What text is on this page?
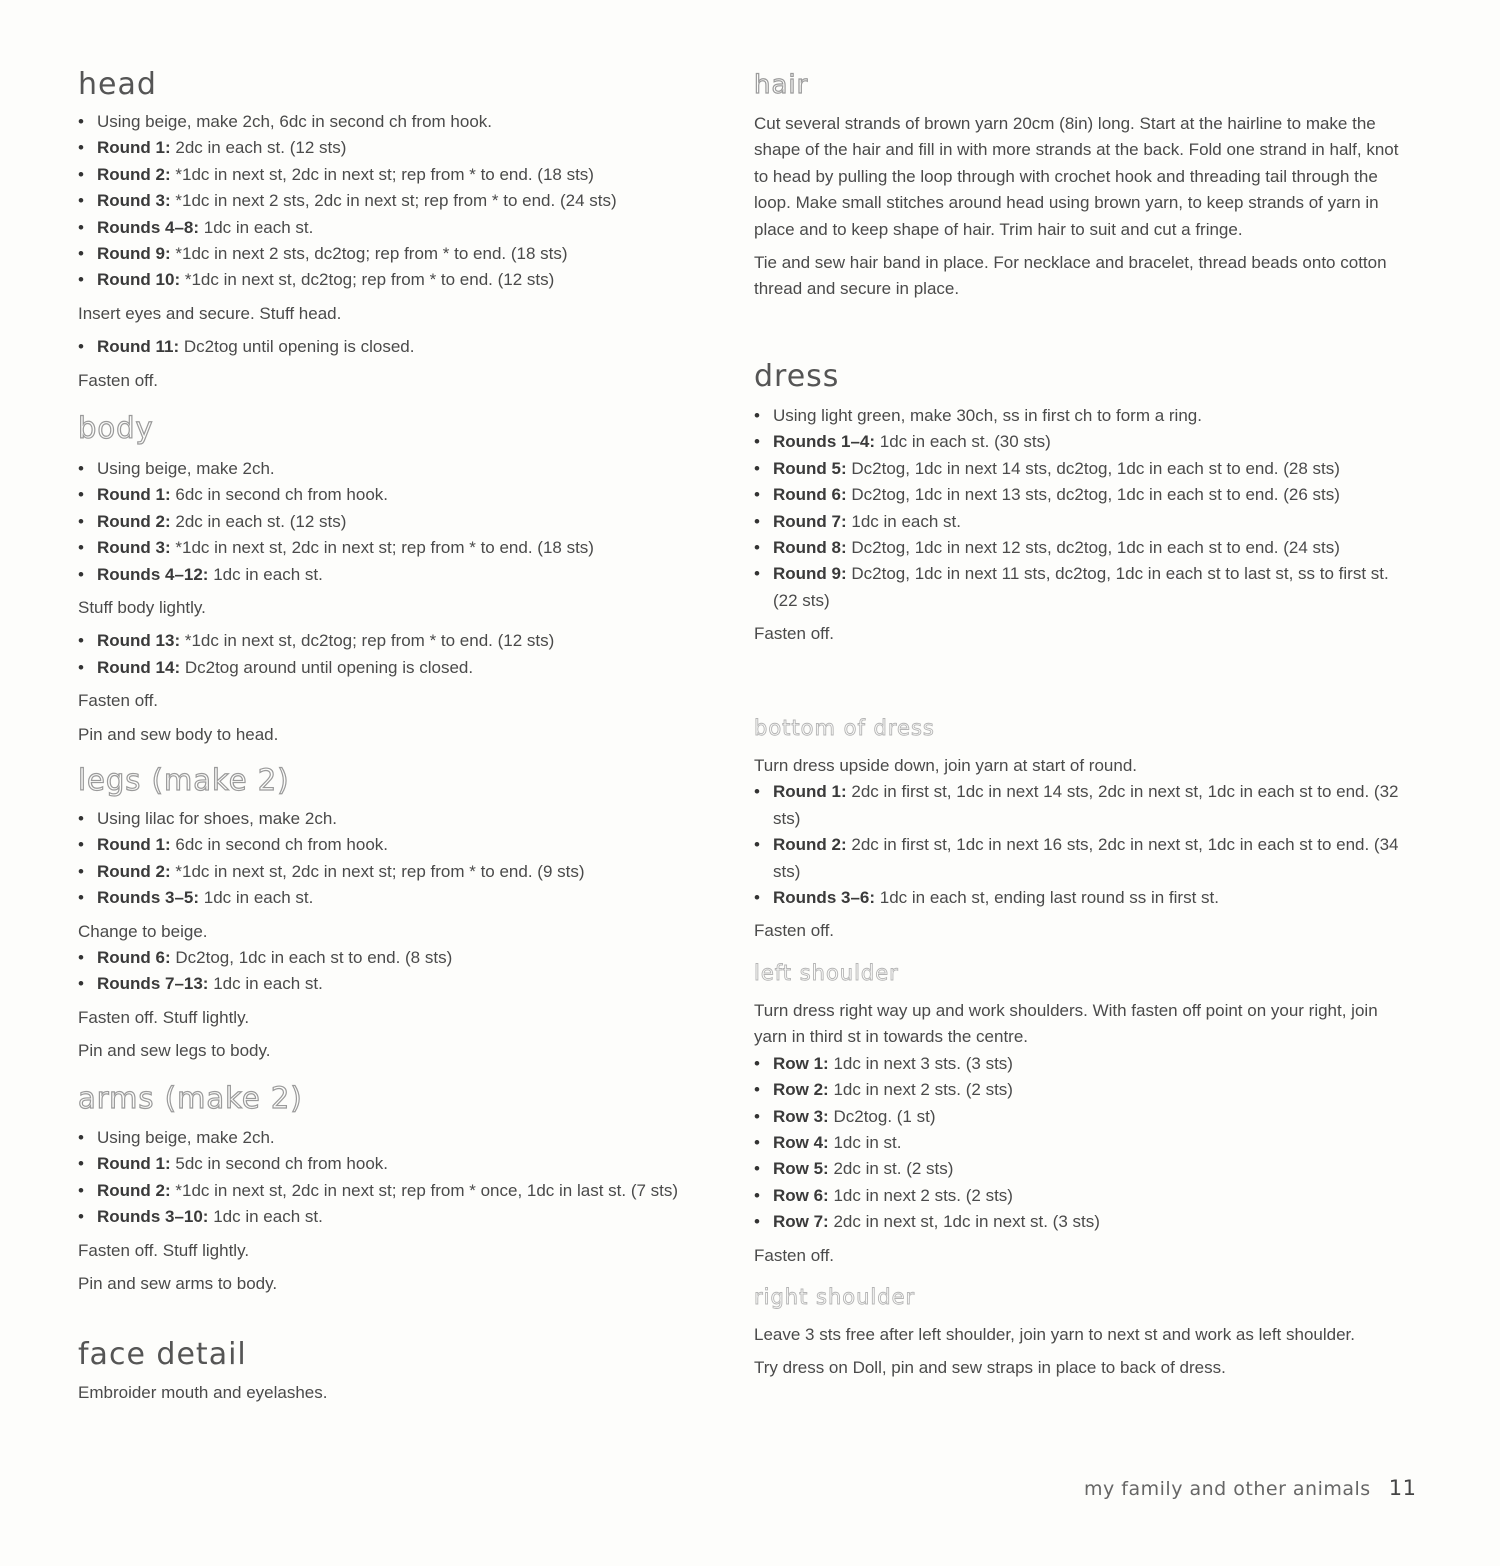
head
• Using beige, make 2ch, 6dc in second ch from hook.
• Round 1: 2dc in each st. (12 sts)
• Round 2: *1dc in next st, 2dc in next st; rep from * to end. (18 sts)
• Round 3: *1dc in next 2 sts, 2dc in next st; rep from * to end. (24 sts)
• Rounds 4–8: 1dc in each st.
• Round 9: *1dc in next 2 sts, dc2tog; rep from * to end. (18 sts)
• Round 10: *1dc in next st, dc2tog; rep from * to end. (12 sts)

Insert eyes and secure. Stuff head.

• Round 11: Dc2tog until opening is closed.

Fasten off.

body
• Using beige, make 2ch.
• Round 1: 6dc in second ch from hook.
• Round 2: 2dc in each st. (12 sts)
• Round 3: *1dc in next st, 2dc in next st; rep from * to end. (18 sts)
• Rounds 4–12: 1dc in each st.

Stuff body lightly.

• Round 13: *1dc in next st, dc2tog; rep from * to end. (12 sts)
• Round 14: Dc2tog around until opening is closed.

Fasten off.

Pin and sew body to head.

legs (make 2)
• Using lilac for shoes, make 2ch.
• Round 1: 6dc in second ch from hook.
• Round 2: *1dc in next st, 2dc in next st; rep from * to end. (9 sts)
• Rounds 3–5: 1dc in each st.

Change to beige.

• Round 6: Dc2tog, 1dc in each st to end. (8 sts)
• Rounds 7–13: 1dc in each st.

Fasten off. Stuff lightly.

Pin and sew legs to body.

arms (make 2)
• Using beige, make 2ch.
• Round 1: 5dc in second ch from hook.
• Round 2: *1dc in next st, 2dc in next st; rep from * once, 1dc in last st. (7 sts)
• Rounds 3–10: 1dc in each st.

Fasten off. Stuff lightly.

Pin and sew arms to body.

face detail

Embroider mouth and eyelashes.

hair

Cut several strands of brown yarn 20cm (8in) long. Start at the hairline to make the shape of the hair and fill in with more strands at the back. Fold one strand in half, knot to head by pulling the loop through with crochet hook and threading tail through the loop. Make small stitches around head using brown yarn, to keep strands of yarn in place and to keep shape of hair. Trim hair to suit and cut a fringe.

Tie and sew hair band in place. For necklace and bracelet, thread beads onto cotton thread and secure in place.

dress
• Using light green, make 30ch, ss in first ch to form a ring.
• Rounds 1–4: 1dc in each st. (30 sts)
• Round 5: Dc2tog, 1dc in next 14 sts, dc2tog, 1dc in each st to end. (28 sts)
• Round 6: Dc2tog, 1dc in next 13 sts, dc2tog, 1dc in each st to end. (26 sts)
• Round 7: 1dc in each st.
• Round 8: Dc2tog, 1dc in next 12 sts, dc2tog, 1dc in each st to end. (24 sts)
• Round 9: Dc2tog, 1dc in next 11 sts, dc2tog, 1dc in each st to last st, ss to first st. (22 sts)

Fasten off.

bottom of dress

Turn dress upside down, join yarn at start of round.

• Round 1: 2dc in first st, 1dc in next 14 sts, 2dc in next st, 1dc in each st to end. (32 sts)
• Round 2: 2dc in first st, 1dc in next 16 sts, 2dc in next st, 1dc in each st to end. (34 sts)
• Rounds 3–6: 1dc in each st, ending last round ss in first st.

Fasten off.

left shoulder

Turn dress right way up and work shoulders. With fasten off point on your right, join yarn in third st in towards the centre.

• Row 1: 1dc in next 3 sts. (3 sts)
• Row 2: 1dc in next 2 sts. (2 sts)
• Row 3: Dc2tog. (1 st)
• Row 4: 1dc in st.
• Row 5: 2dc in st. (2 sts)
• Row 6: 1dc in next 2 sts. (2 sts)
• Row 7: 2dc in next st, 1dc in next st. (3 sts)

Fasten off.

right shoulder

Leave 3 sts free after left shoulder, join yarn to next st and work as left shoulder.

Try dress on Doll, pin and sew straps in place to back of dress.

my family and other animals 11
